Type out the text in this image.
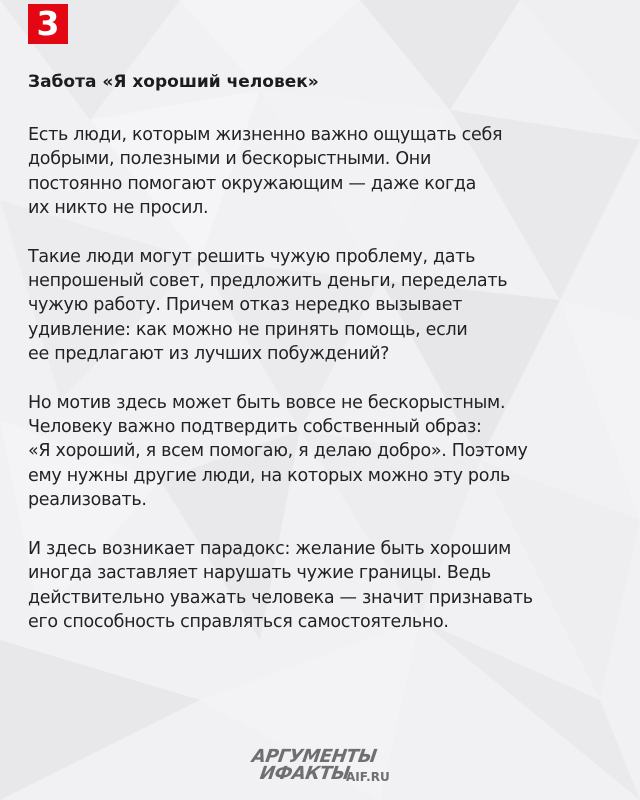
3
Забота «Я хороший человек»
Есть люди, которым жизненно важно ощущать себя
добрыми, полезными и бескорыстными. Они
постоянно помогают окружающим — даже когда
их никто не просил.
Такие люди могут решить чужую проблему, дать
непрошеный совет, предложить деньги, переделать
чужую работу. Причем отказ нередко вызывает
удивление: как можно не принять помощь, если
ее предлагают из лучших побуждений?
Но мотив здесь может быть вовсе не бескорыстным.
Человеку важно подтвердить собственный образ:
«Я хороший, я всем помогаю, я делаю добро». Поэтому
ему нужны другие люди, на которых можно эту роль
реализовать.
И здесь возникает парадокс: желание быть хорошим
иногда заставляет нарушать чужие границы. Ведь
действительно уважать человека — значит признавать
его способность справляться самостоятельно.
АРГУМЕНТЫ
ИФАКТЫ
AIF.RU
